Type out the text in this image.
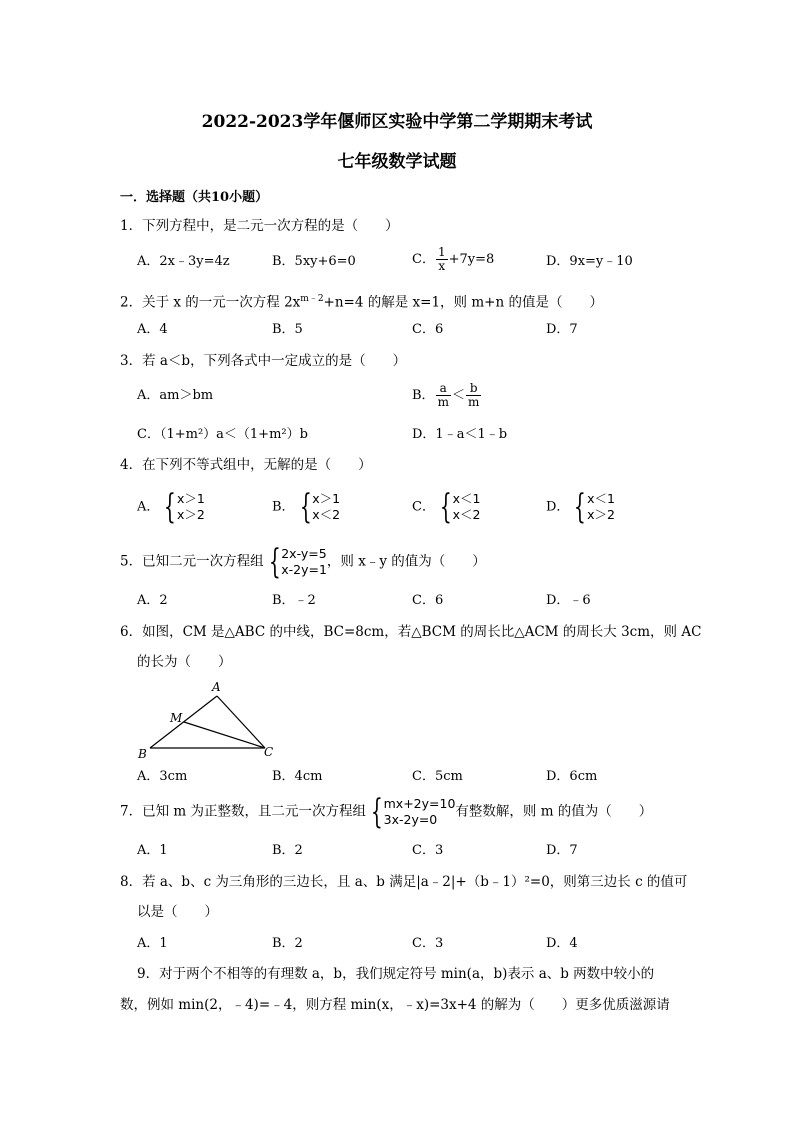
2022-2023学年偃师区实验中学第二学期期末考试
七年级数学试题
一．选择题（共10小题）
1．下列方程中，是二元一次方程的是（　　）
A．2x﹣3y=4z	B．5xy+6=0	C． $\frac{1}{x} +7y=8$	D．9x=y﹣10
2．关于 x 的一元一次方程 $2x^{m﹣2}+n=4$ 的解是 x=1，则 m+n 的值是（　　）
A．4	B．5	C．6	D．7
3．若 a＜b，下列各式中一定成立的是（　　）
A．am＞bm	B． $\frac{a}{m} < \frac{b}{m}$
C．（1+m²）a＜（1+m²）b	D．1﹣a＜1﹣b
4．在下列不等式组中，无解的是（　　）
A． { x＞1
x＞2	B． { x＞1
x＜2	C． { x＜1
x＜2	D． { x＜1
x＞2
5．已知二元一次方程组 { 2x-y=5
x-2y=1 ，则 x﹣y 的值为（　　）
A．2	B．﹣2	C．6	D．﹣6
6．如图，CM 是△ABC 的中线，BC=8cm，若△BCM 的周长比△ACM 的周长大 3cm，则 AC
的长为（　　）
A
M
B	C
A．3cm	B．4cm	C．5cm	D．6cm
7．已知 m 为正整数，且二元一次方程组 { mx+2y=10
3x-2y=0	有整数解，则 m 的值为（　　）
A．1	B．2	C．3	D．7
8．若 a、b、c 为三角形的三边长，且 a、b 满足|a﹣2|+（b﹣1）²=0，则第三边长 c 的值可
以是（　　）
A．1	B．2	C．3	D．4
9．对于两个不相等的有理数 a，b，我们规定符号 min(a，b)表示 a、b 两数中较小的
数，例如 min(2，﹣4)=﹣4，则方程 min(x，﹣x)=3x+4 的解为（　　）更多优质滋源请
